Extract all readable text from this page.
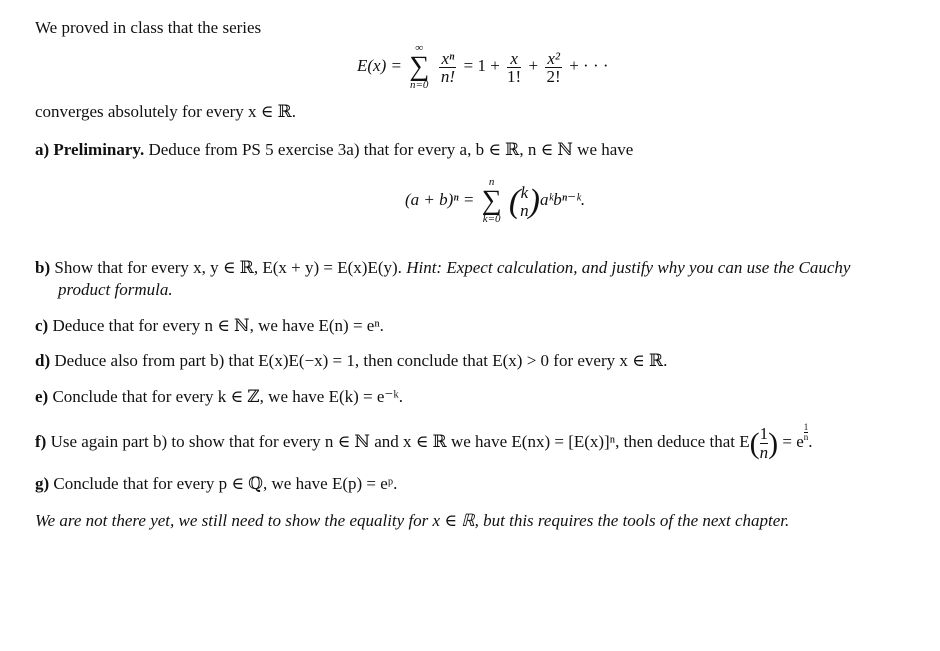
We proved in class that the series
E(x) =
∞
∑
n=0

$\frac{\text{xⁿ}}{n!} = 1 + \frac{x}{1!} + \frac{\text{x²}}{2!}$ + · · ·
converges absolutely for every x ∈ ℝ.
a) Preliminary. Deduce from PS 5 exercise 3a) that for every a, b ∈ ℝ, n ∈ ℕ we have
(a + b)ⁿ =
n
∑
k=0 ( k
n )aᵏbⁿ⁻ᵏ.
b) Show that for every x, y ∈ ℝ, E(x + y) = E(x)E(y). Hint: Expect calculation, and justify why you can use the Cauchy
product formula.
c) Deduce that for every n ∈ ℕ, we have E(n) = eⁿ.
d) Deduce also from part b) that E(x)E(−x) = 1, then conclude that E(x) > 0 for every x ∈ ℝ.
e) Conclude that for every k ∈ ℤ, we have E(k) = e⁻ᵏ.
f) Use again part b) to show that for every n ∈ ℕ and x ∈ ℝ we have E(nx) = [E(x)]ⁿ, then deduce that $E( \frac{1}{n}$ ) = e $\frac{1}{n}$ .
g) Conclude that for every p ∈ ℚ, we have E(p) = eᵖ.
We are not there yet, we still need to show the equality for x ∈ ℝ, but this requires the tools of the next chapter.
